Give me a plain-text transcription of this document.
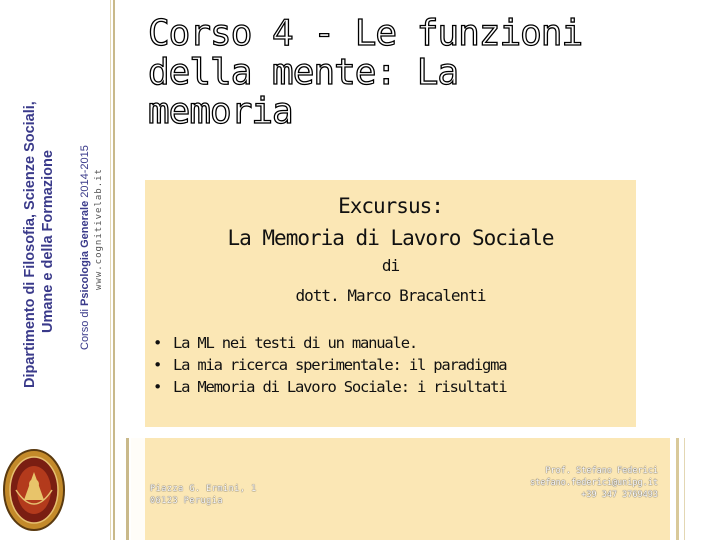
Dipartimento di Filosofia, Scienze Sociali, Umane e della Formazione Corso di Psicologia Generale 2014-2015 www.cognitivelab.it
Corso 4 - Le funzioni della mente: La memoria
Excursus:
La Memoria di Lavoro Sociale
di
dott. Marco Bracalenti
• La ML nei testi di un manuale.
• La mia ricerca sperimentale: il paradigma
• La Memoria di Lavoro Sociale: i risultati
Piazza G. Ermini, 1
06123 Perugia
Prof. Stefano Federici
stefano.federici@unipg.it
+39 347 3769493
